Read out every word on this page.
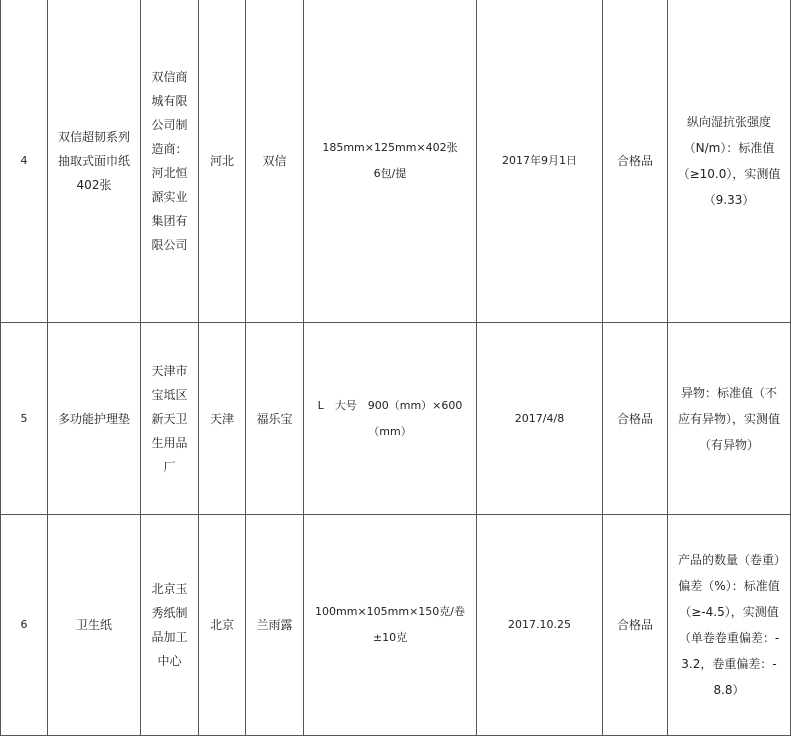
4	双信超韧系列抽取式面巾纸402张	双信商城有限公司制造商：河北恒源实业集团有限公司	河北	双信	185mm×125mm×402张　6包/提	2017年9月1日	合格品	纵向湿抗张强度（N/m）：标准值（≥10.0），实测值（9.33）
5	多功能护理垫	天津市宝坻区新天卫生用品厂	天津	福乐宝	L　大号　900（mm）×600（mm）	2017/4/8	合格品	异物：标准值（不应有异物），实测值（有异物）
6	卫生纸	北京玉秀纸制品加工中心	北京	兰雨露	100mm×105mm×150克/卷±10克	2017.10.25	合格品	产品的数量（卷重）偏差（%）：标准值（≥-4.5），实测值（单卷卷重偏差：-3.2，卷重偏差：-8.8）
